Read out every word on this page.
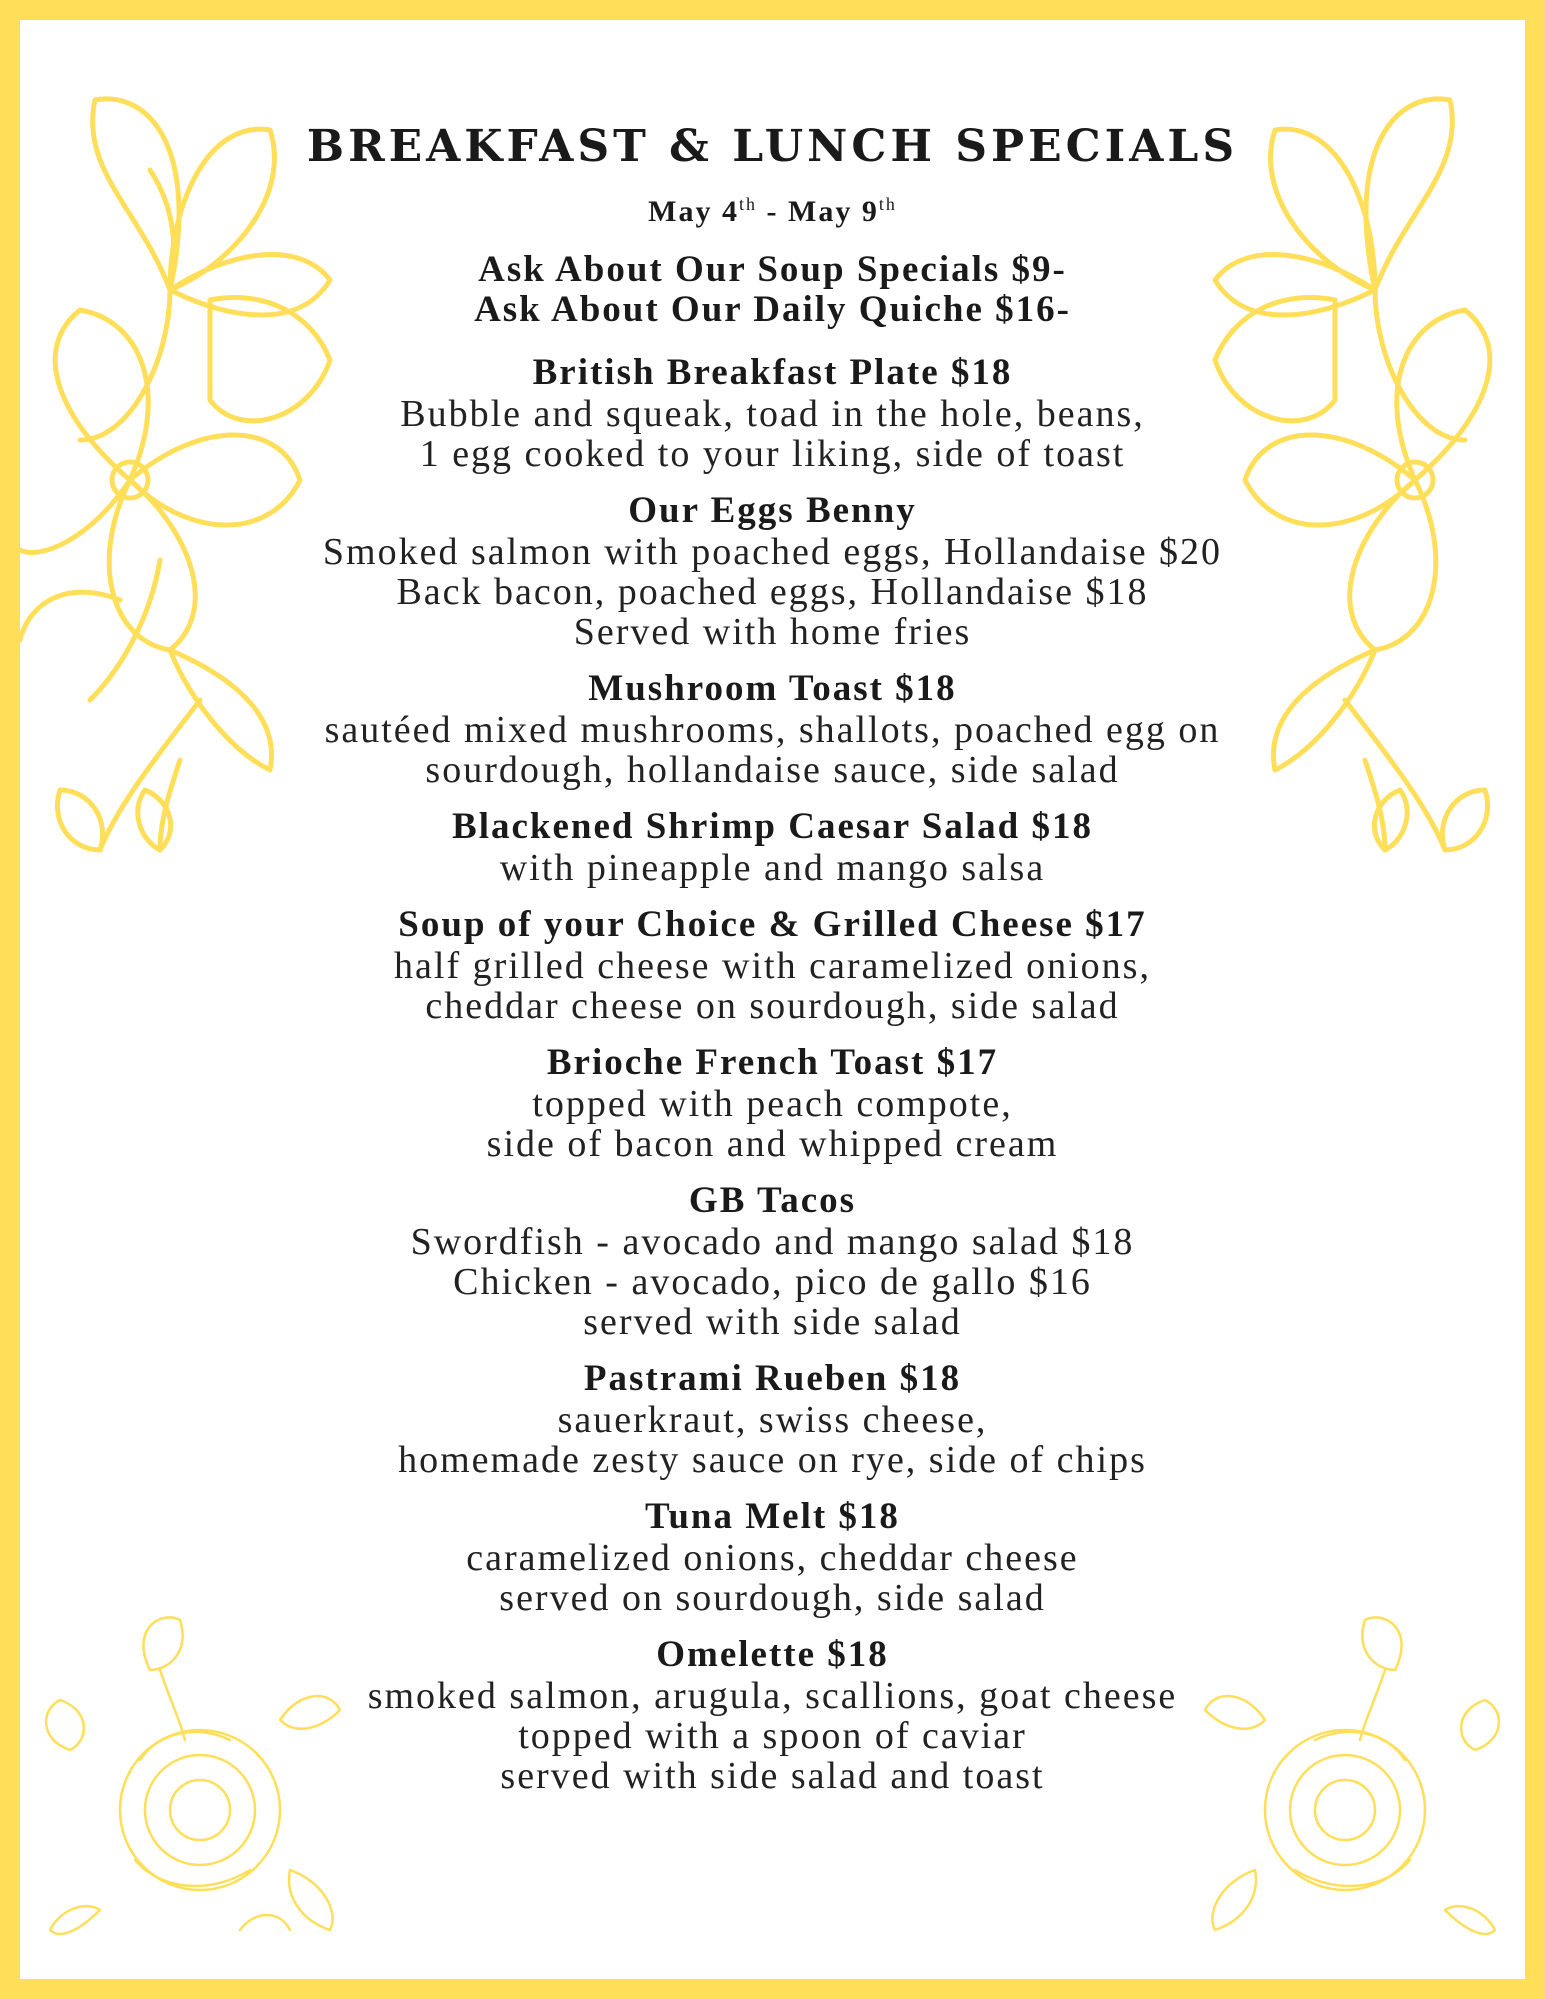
BREAKFAST & LUNCH SPECIALS
May 4th - May 9th

Ask About Our Soup Specials $9-

Ask About Our Daily Quiche $16-

British Breakfast Plate $18
Bubble and squeak, toad in the hole, beans,
1 egg cooked to your liking, side of toast
Our Eggs Benny
Smoked salmon with poached eggs, Hollandaise $20
Back bacon, poached eggs, Hollandaise $18
Served with home fries
Mushroom Toast $18
sautéed mixed mushrooms, shallots, poached egg on
sourdough, hollandaise sauce, side salad
Blackened Shrimp Caesar Salad $18
with pineapple and mango salsa
Soup of your Choice & Grilled Cheese $17
half grilled cheese with caramelized onions,
cheddar cheese on sourdough, side salad
Brioche French Toast $17
topped with peach compote,
side of bacon and whipped cream
GB Tacos
Swordfish - avocado and mango salad $18
Chicken - avocado, pico de gallo $16
served with side salad
Pastrami Rueben $18
sauerkraut, swiss cheese,
homemade zesty sauce on rye, side of chips
Tuna Melt $18
caramelized onions, cheddar cheese
served on sourdough, side salad
Omelette $18
smoked salmon, arugula, scallions, goat cheese
topped with a spoon of caviar
served with side salad and toast
